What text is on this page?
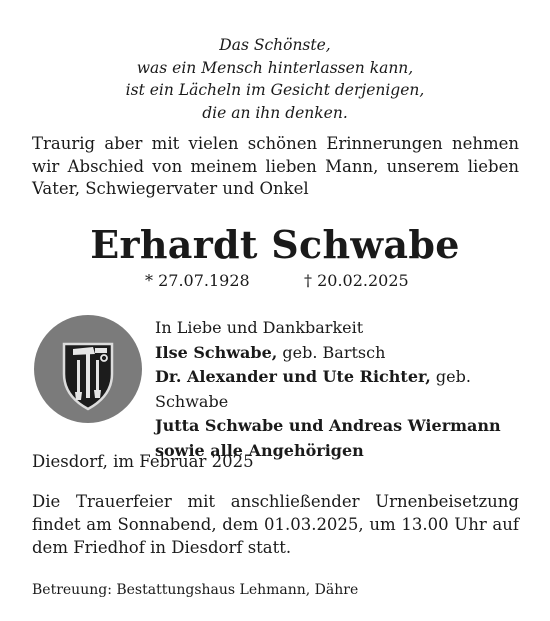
Das Schönste,
was ein Mensch hinterlassen kann,
ist ein Lächeln im Gesicht derjenigen,
die an ihn denken.
Traurig aber mit vielen schönen Erinnerungen nehmen wir Abschied von meinem lieben Mann, unserem lieben Vater, Schwiegervater und Onkel
Erhardt Schwabe
* 27.07.1928	† 20.02.2025
In Liebe und Dankbarkeit
Ilse Schwabe, geb. Bartsch
Dr. Alexander und Ute Richter, geb. Schwabe
Jutta Schwabe und Andreas Wiermann
sowie alle Angehörigen
Diesdorf, im Februar 2025
Die Trauerfeier mit anschließender Urnenbeisetzung findet am Sonnabend, dem 01.03.2025, um 13.00 Uhr auf dem Friedhof in Diesdorf statt.
Betreuung: Bestattungshaus Lehmann, Dähre
